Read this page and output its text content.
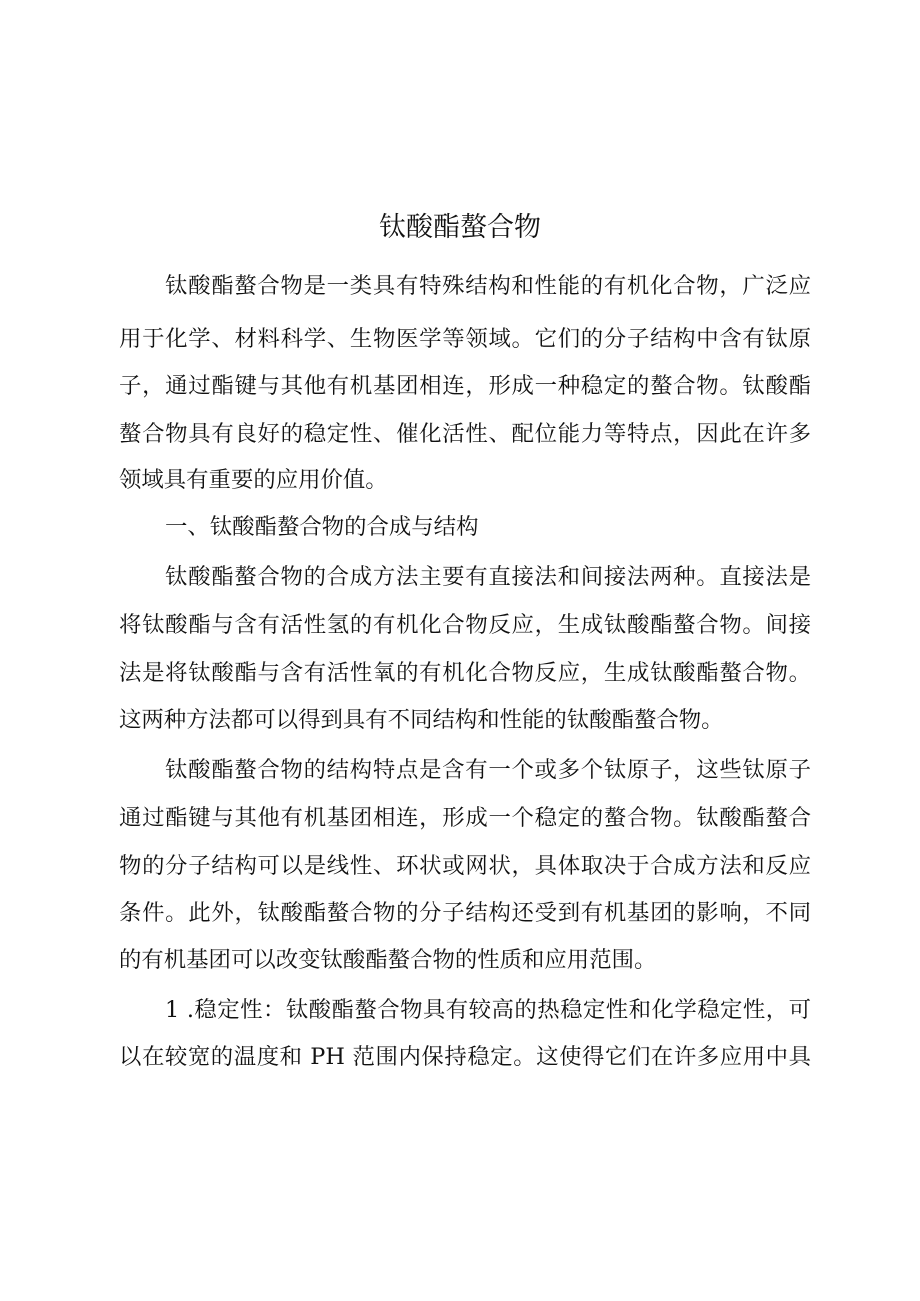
钛酸酯螯合物
钛酸酯螯合物是一类具有特殊结构和性能的有机化合物，广泛应
用于化学、材料科学、生物医学等领域。它们的分子结构中含有钛原
子，通过酯键与其他有机基团相连，形成一种稳定的螯合物。钛酸酯
螯合物具有良好的稳定性、催化活性、配位能力等特点，因此在许多
领域具有重要的应用价值。
一、钛酸酯螯合物的合成与结构
钛酸酯螯合物的合成方法主要有直接法和间接法两种。直接法是
将钛酸酯与含有活性氢的有机化合物反应，生成钛酸酯螯合物。间接
法是将钛酸酯与含有活性氧的有机化合物反应，生成钛酸酯螯合物。
这两种方法都可以得到具有不同结构和性能的钛酸酯螯合物。
钛酸酯螯合物的结构特点是含有一个或多个钛原子，这些钛原子
通过酯键与其他有机基团相连，形成一个稳定的螯合物。钛酸酯螯合
物的分子结构可以是线性、环状或网状，具体取决于合成方法和反应
条件。此外，钛酸酯螯合物的分子结构还受到有机基团的影响，不同
的有机基团可以改变钛酸酯螯合物的性质和应用范围。
1 .稳定性：钛酸酯螯合物具有较高的热稳定性和化学稳定性，可
以在较宽的温度和 PH 范围内保持稳定。这使得它们在许多应用中具
